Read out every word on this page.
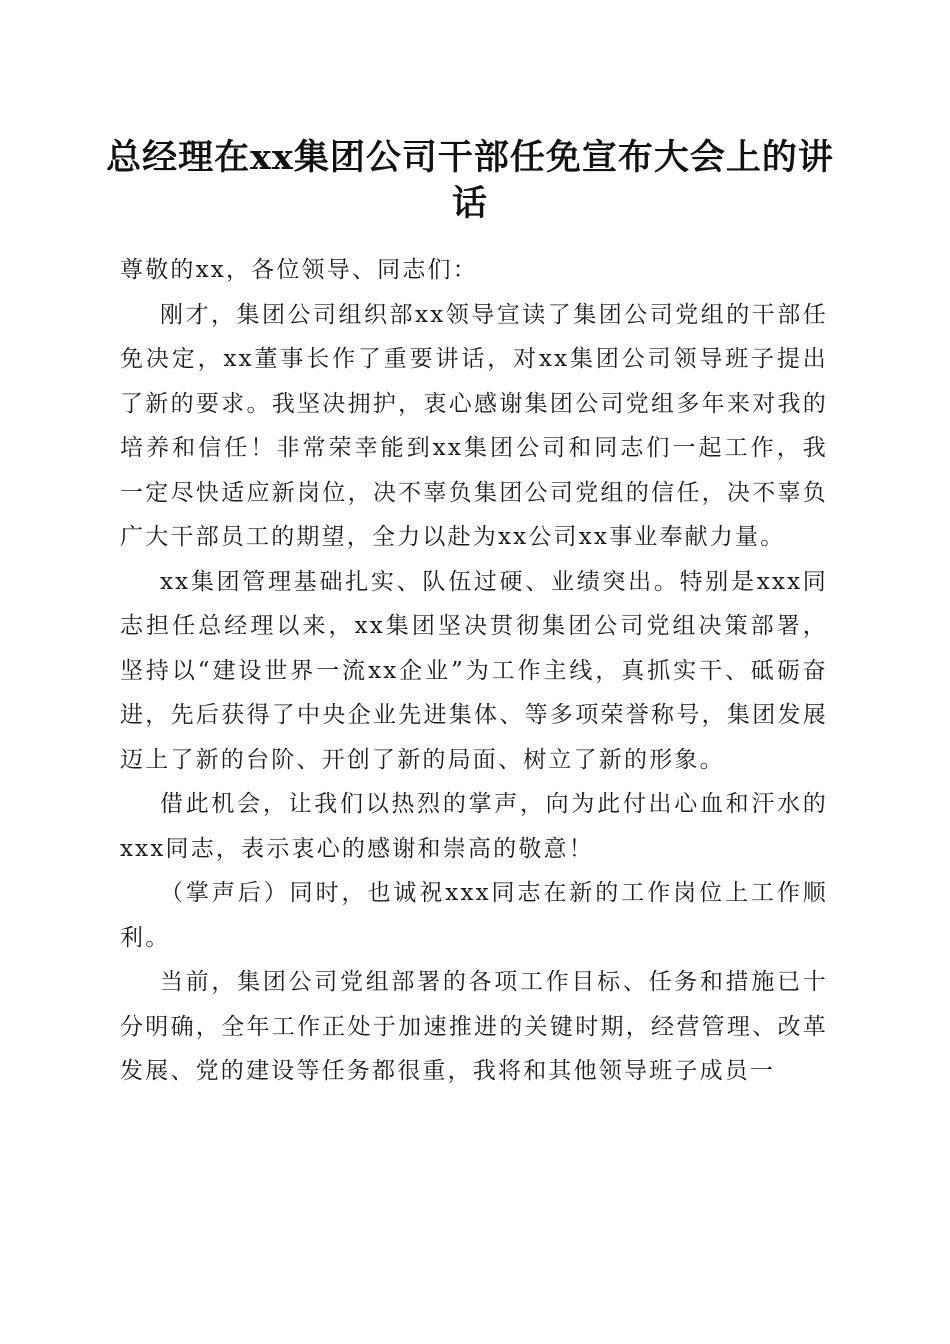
总经理在xx集团公司干部任免宣布大会上的讲话

尊敬的xx，各位领导、同志们：

刚才，集团公司组织部xx领导宣读了集团公司党组的干部任免决定，xx董事长作了重要讲话，对xx集团公司领导班子提出了新的要求。我坚决拥护，衷心感谢集团公司党组多年来对我的培养和信任！非常荣幸能到xx集团公司和同志们一起工作，我一定尽快适应新岗位，决不辜负集团公司党组的信任，决不辜负广大干部员工的期望，全力以赴为xx公司xx事业奉献力量。

xx集团管理基础扎实、队伍过硬、业绩突出。特别是xxx同志担任总经理以来，xx集团坚决贯彻集团公司党组决策部署，坚持以“建设世界一流xx企业”为工作主线，真抓实干、砥砺奋进，先后获得了中央企业先进集体、等多项荣誉称号，集团发展迈上了新的台阶、开创了新的局面、树立了新的形象。

借此机会，让我们以热烈的掌声，向为此付出心血和汗水的xxx同志，表示衷心的感谢和崇高的敬意！

（掌声后）同时，也诚祝xxx同志在新的工作岗位上工作顺利。

当前，集团公司党组部署的各项工作目标、任务和措施已十分明确，全年工作正处于加速推进的关键时期，经营管理、改革发展、党的建设等任务都很重，我将和其他领导班子成员一
